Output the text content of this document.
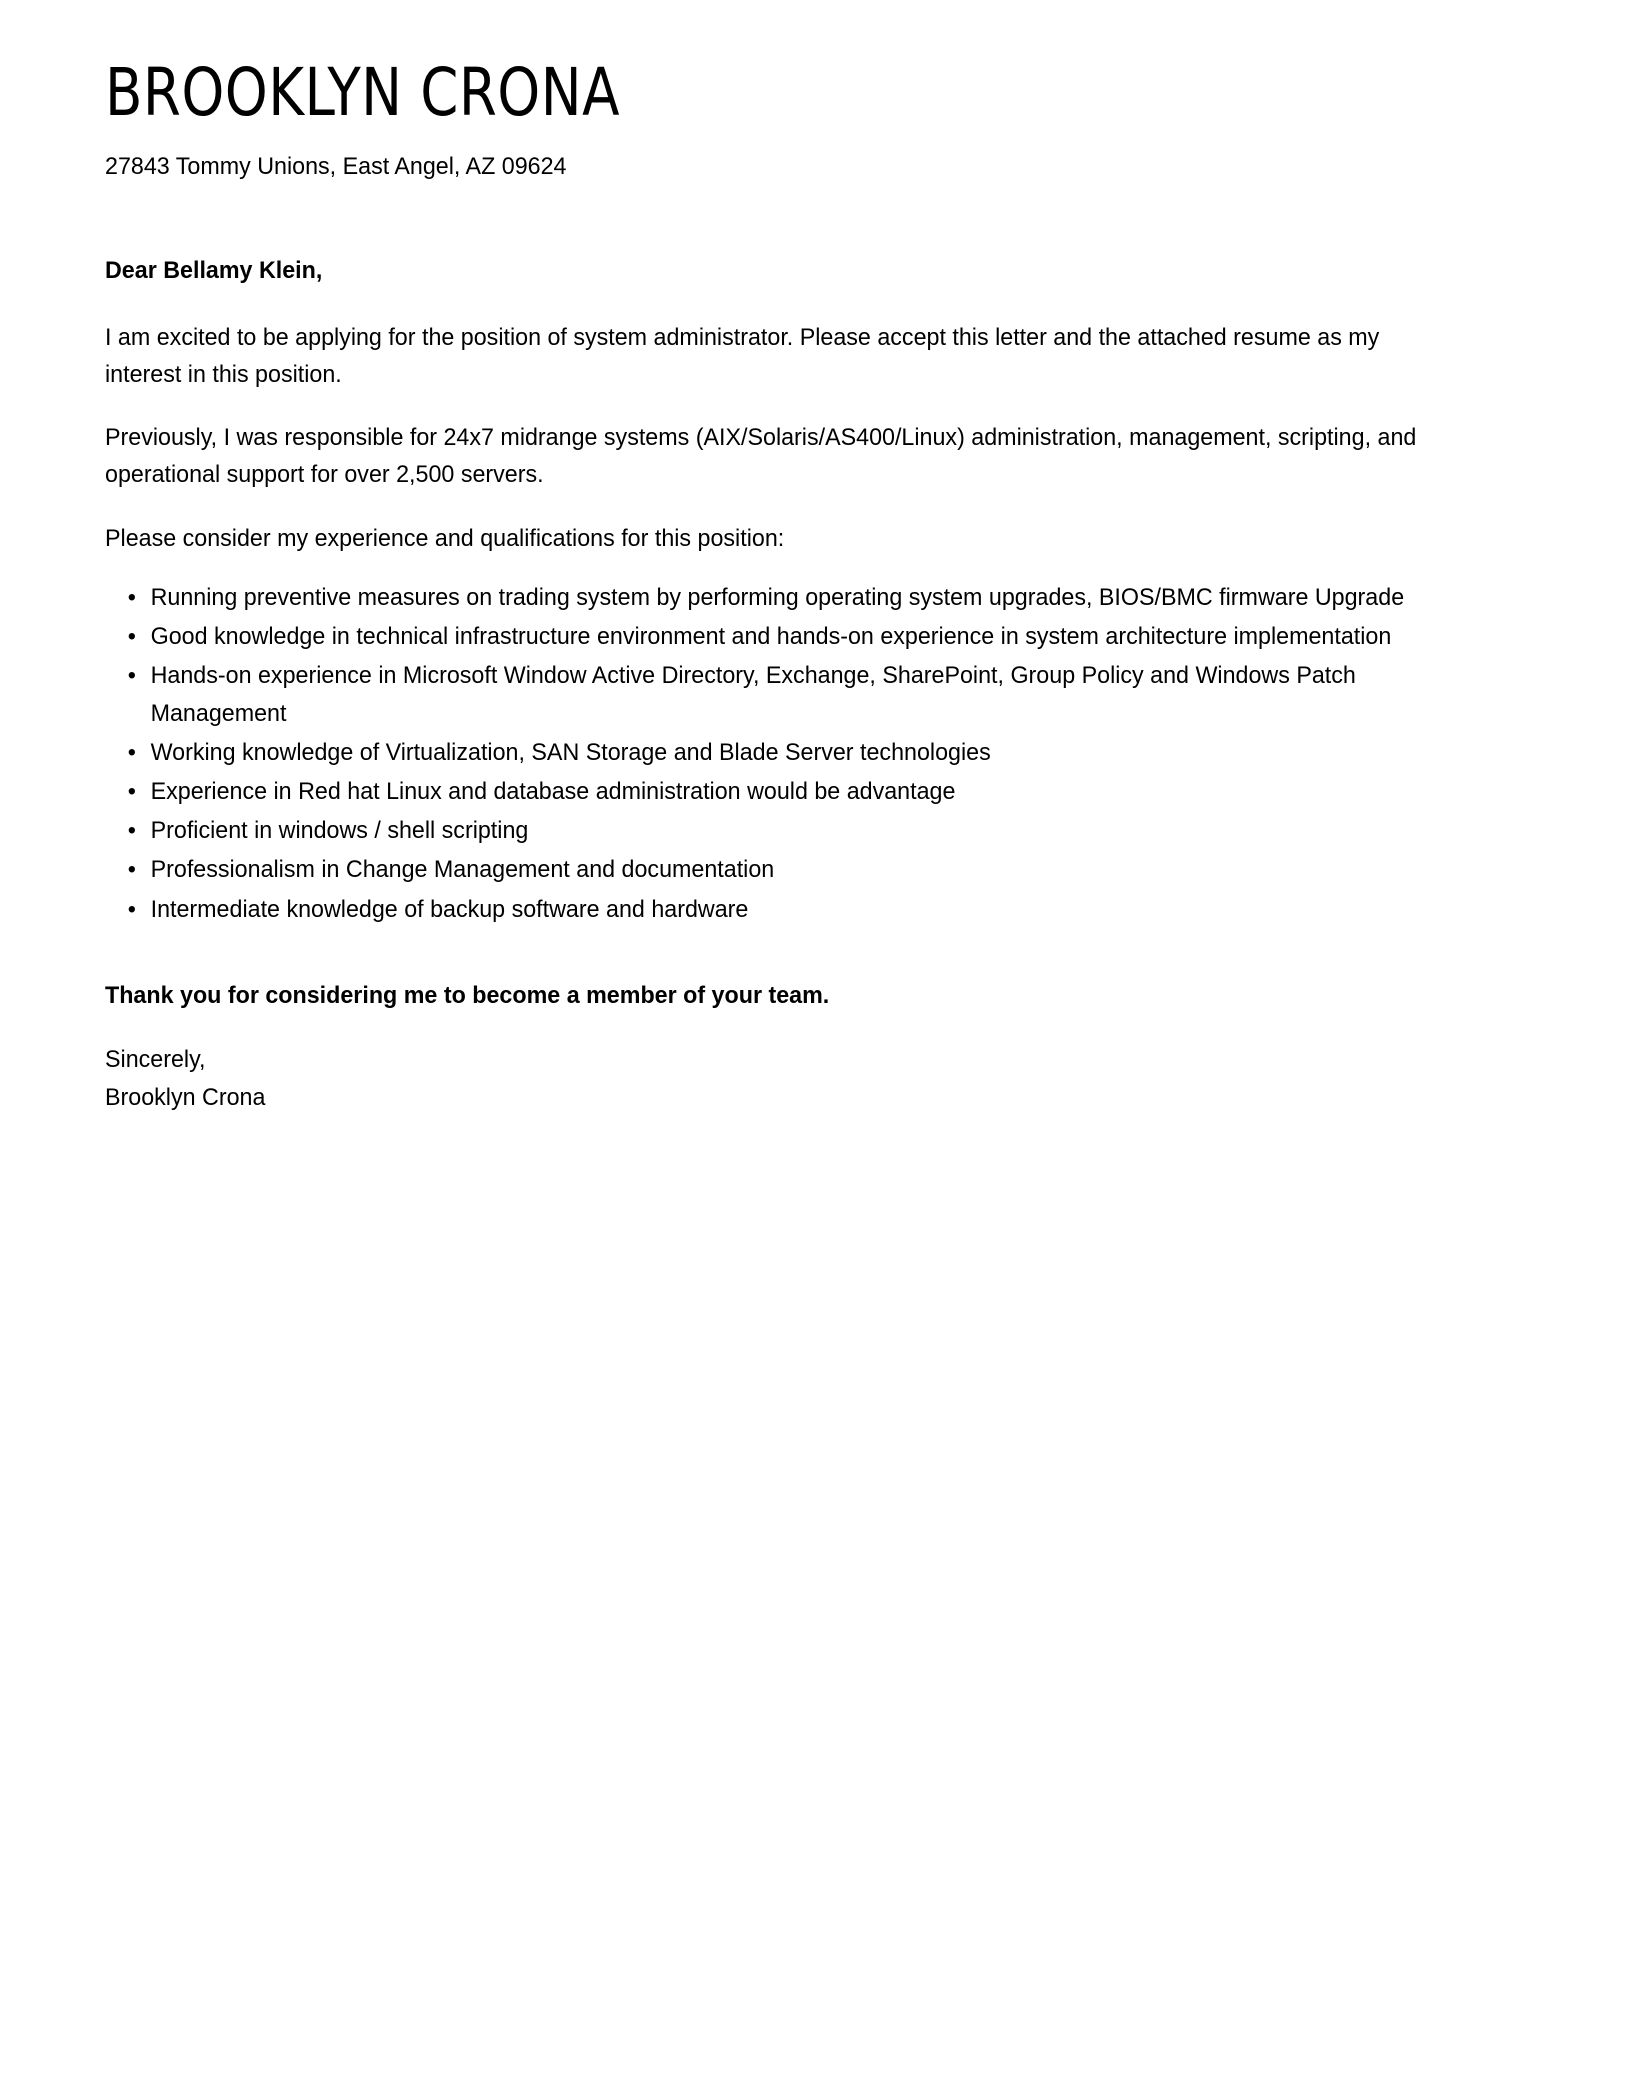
BROOKLYN CRONA

27843 Tommy Unions, East Angel, AZ 09624

Dear Bellamy Klein,

I am excited to be applying for the position of system administrator. Please accept this letter and the attached resume as my interest in this position.

Previously, I was responsible for 24x7 midrange systems (AIX/Solaris/AS400/Linux) administration, management, scripting, and operational support for over 2,500 servers.

Please consider my experience and qualifications for this position:

• Running preventive measures on trading system by performing operating system upgrades, BIOS/BMC firmware Upgrade
• Good knowledge in technical infrastructure environment and hands-on experience in system architecture implementation
• Hands-on experience in Microsoft Window Active Directory, Exchange, SharePoint, Group Policy and Windows Patch Management
• Working knowledge of Virtualization, SAN Storage and Blade Server technologies
• Experience in Red hat Linux and database administration would be advantage
• Proficient in windows / shell scripting
• Professionalism in Change Management and documentation
• Intermediate knowledge of backup software and hardware

Thank you for considering me to become a member of your team.

Sincerely,
Brooklyn Crona
